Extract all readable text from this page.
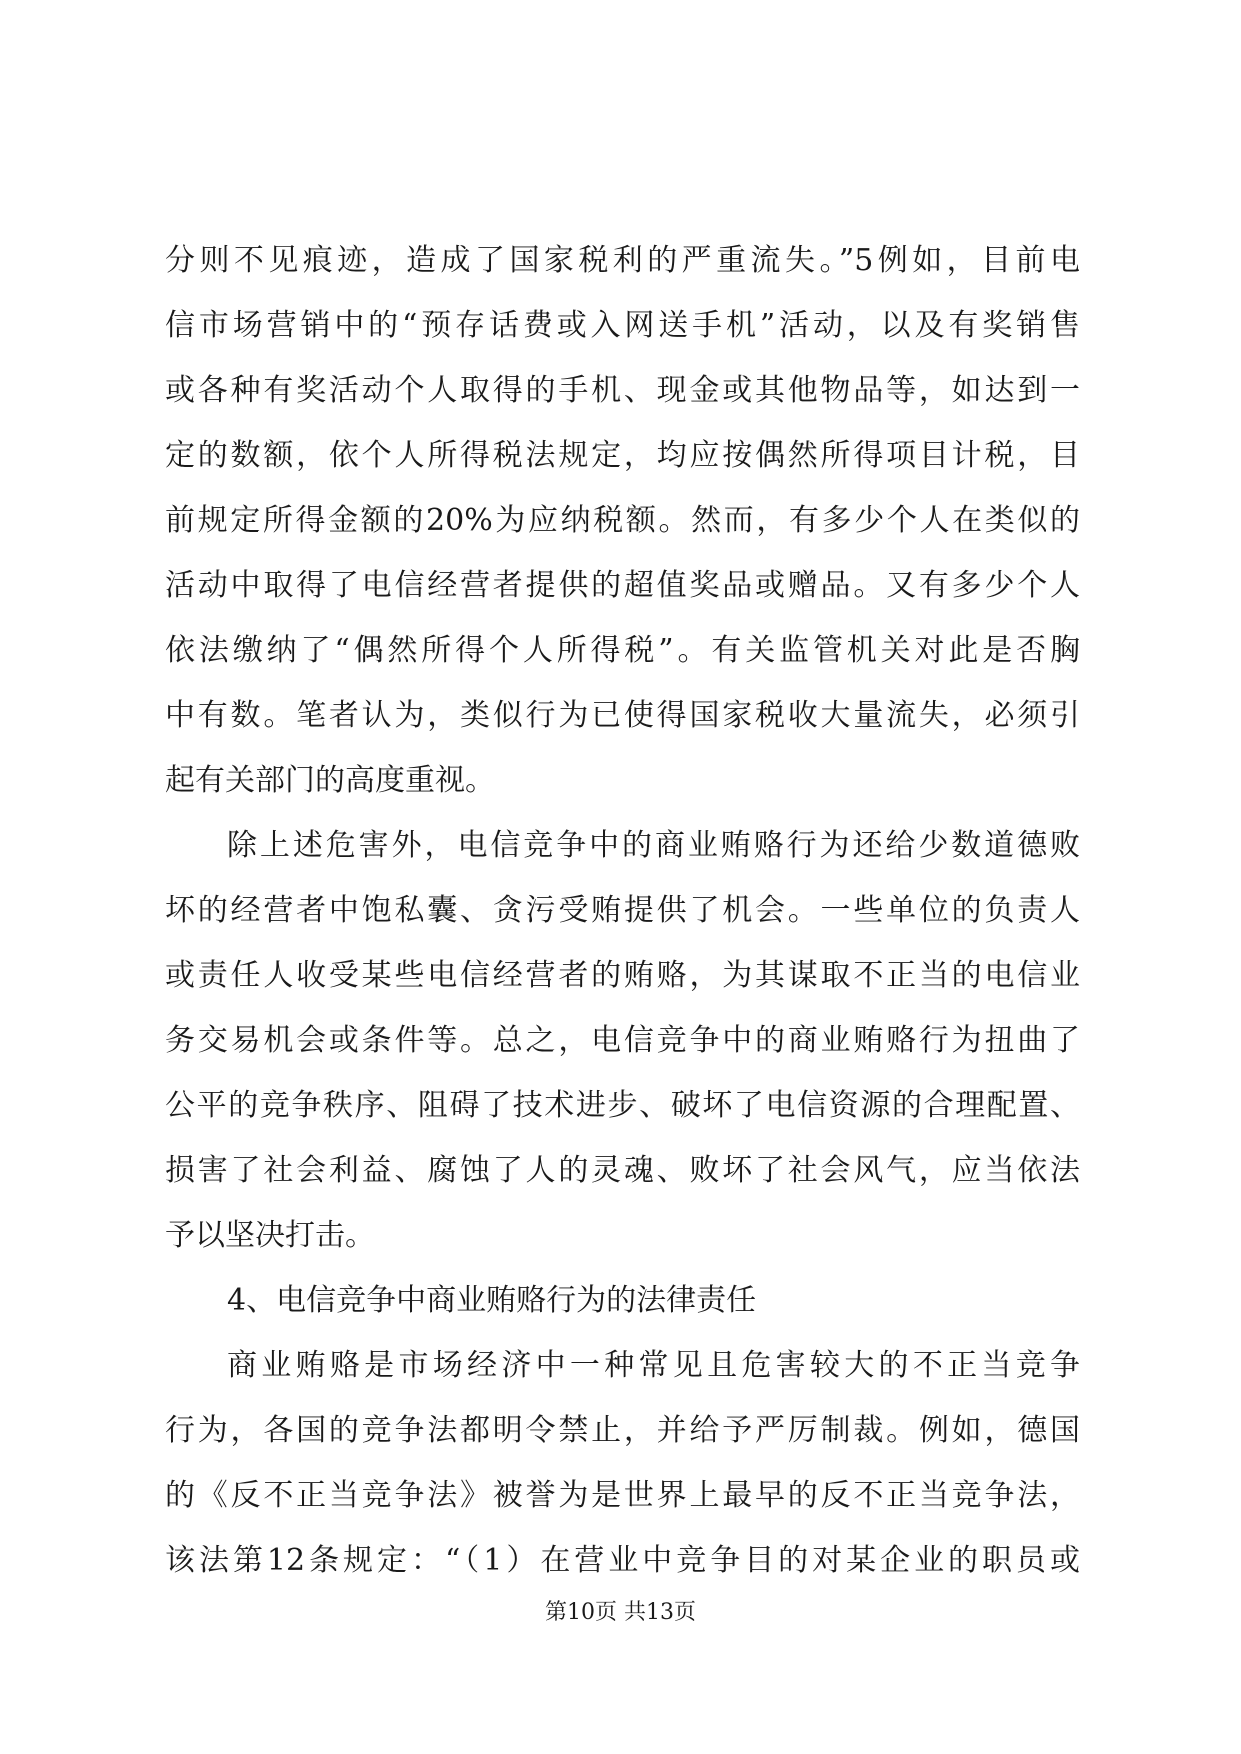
分则不见痕迹，造成了国家税利的严重流失。”5例如，目前电
信市场营销中的“预存话费或入网送手机”活动，以及有奖销售
或各种有奖活动个人取得的手机、现金或其他物品等，如达到一
定的数额，依个人所得税法规定，均应按偶然所得项目计税，目
前规定所得金额的20%为应纳税额。然而，有多少个人在类似的
活动中取得了电信经营者提供的超值奖品或赠品。又有多少个人
依法缴纳了“偶然所得个人所得税”。有关监管机关对此是否胸
中有数。笔者认为，类似行为已使得国家税收大量流失，必须引
起有关部门的高度重视。
除上述危害外，电信竞争中的商业贿赂行为还给少数道德败
坏的经营者中饱私囊、贪污受贿提供了机会。一些单位的负责人
或责任人收受某些电信经营者的贿赂，为其谋取不正当的电信业
务交易机会或条件等。总之，电信竞争中的商业贿赂行为扭曲了
公平的竞争秩序、阻碍了技术进步、破坏了电信资源的合理配置、
损害了社会利益、腐蚀了人的灵魂、败坏了社会风气，应当依法
予以坚决打击。
4、电信竞争中商业贿赂行为的法律责任
商业贿赂是市场经济中一种常见且危害较大的不正当竞争
行为，各国的竞争法都明令禁止，并给予严厉制裁。例如，德国
的《反不正当竞争法》被誉为是世界上最早的反不正当竞争法，
该法第12条规定：“（1）在营业中竞争目的对某企业的职员或
第10页 共13页
